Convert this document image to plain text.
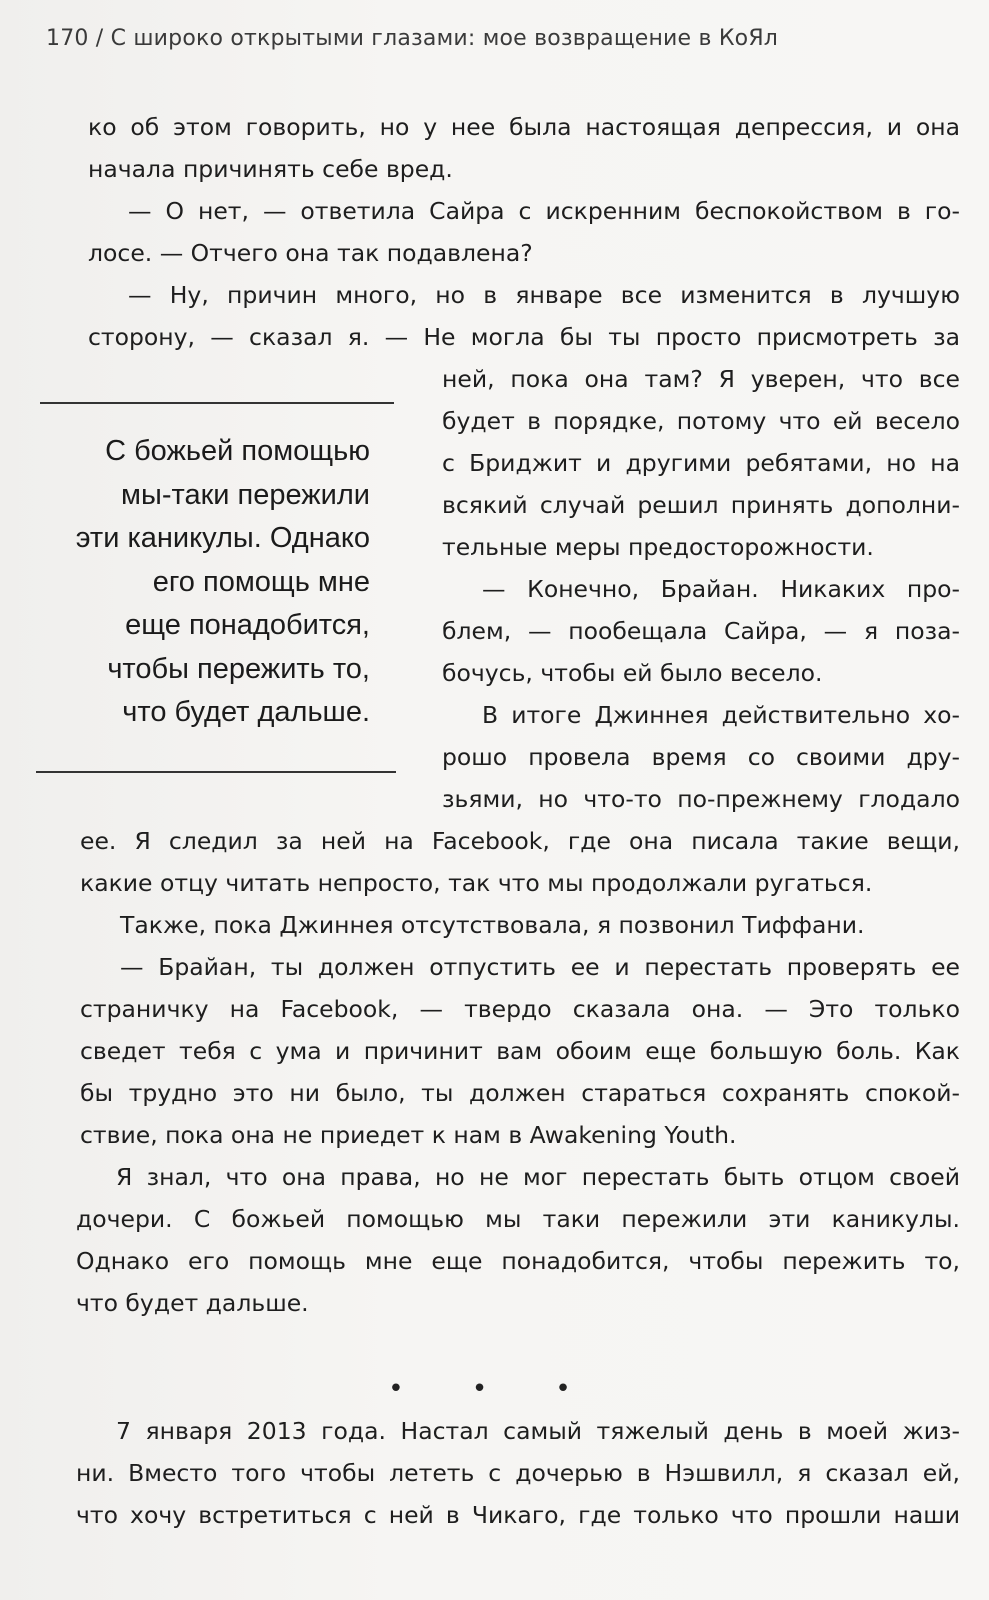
170 / С широко открытыми глазами: мое возвращение в КоЯл
ко об этом говорить, но у нее была настоящая депрессия, и она
начала причинять себе вред.
— О нет, — ответила Сайра с искренним беспокойством в го-
лосе. — Отчего она так подавлена?
— Ну, причин много, но в январе все изменится в лучшую
сторону, — сказал я. — Не могла бы ты просто присмотреть за
С божьей помощью
мы-таки пережили
эти каникулы. Однако
его помощь мне
еще понадобится,
чтобы пережить то,
что будет дальше.
ней, пока она там? Я уверен, что все
будет в порядке, потому что ей весело
с Бриджит и другими ребятами, но на
всякий случай решил принять дополни-
тельные меры предосторожности.
— Конечно, Брайан. Никаких про-
блем, — пообещала Сайра, — я поза-
бочусь, чтобы ей было весело.
В итоге Джиннея действительно хо-
рошо провела время со своими дру-
зьями, но что-то по-прежнему глодало
ее. Я следил за ней на Facebook, где она писала такие вещи,
какие отцу читать непросто, так что мы продолжали ругаться.
Также, пока Джиннея отсутствовала, я позвонил Тиффани.
— Брайан, ты должен отпустить ее и перестать проверять ее
страничку на Facebook, — твердо сказала она. — Это только
сведет тебя с ума и причинит вам обоим еще большую боль. Как
бы трудно это ни было, ты должен стараться сохранять спокой-
ствие, пока она не приедет к нам в Awakening Youth.
Я знал, что она права, но не мог перестать быть отцом своей
дочери. С божьей помощью мы таки пережили эти каникулы.
Однако его помощь мне еще понадобится, чтобы пережить то,
что будет дальше.
• • •
7 января 2013 года. Настал самый тяжелый день в моей жиз-
ни. Вместо того чтобы лететь с дочерью в Нэшвилл, я сказал ей,
что хочу встретиться с ней в Чикаго, где только что прошли наши
